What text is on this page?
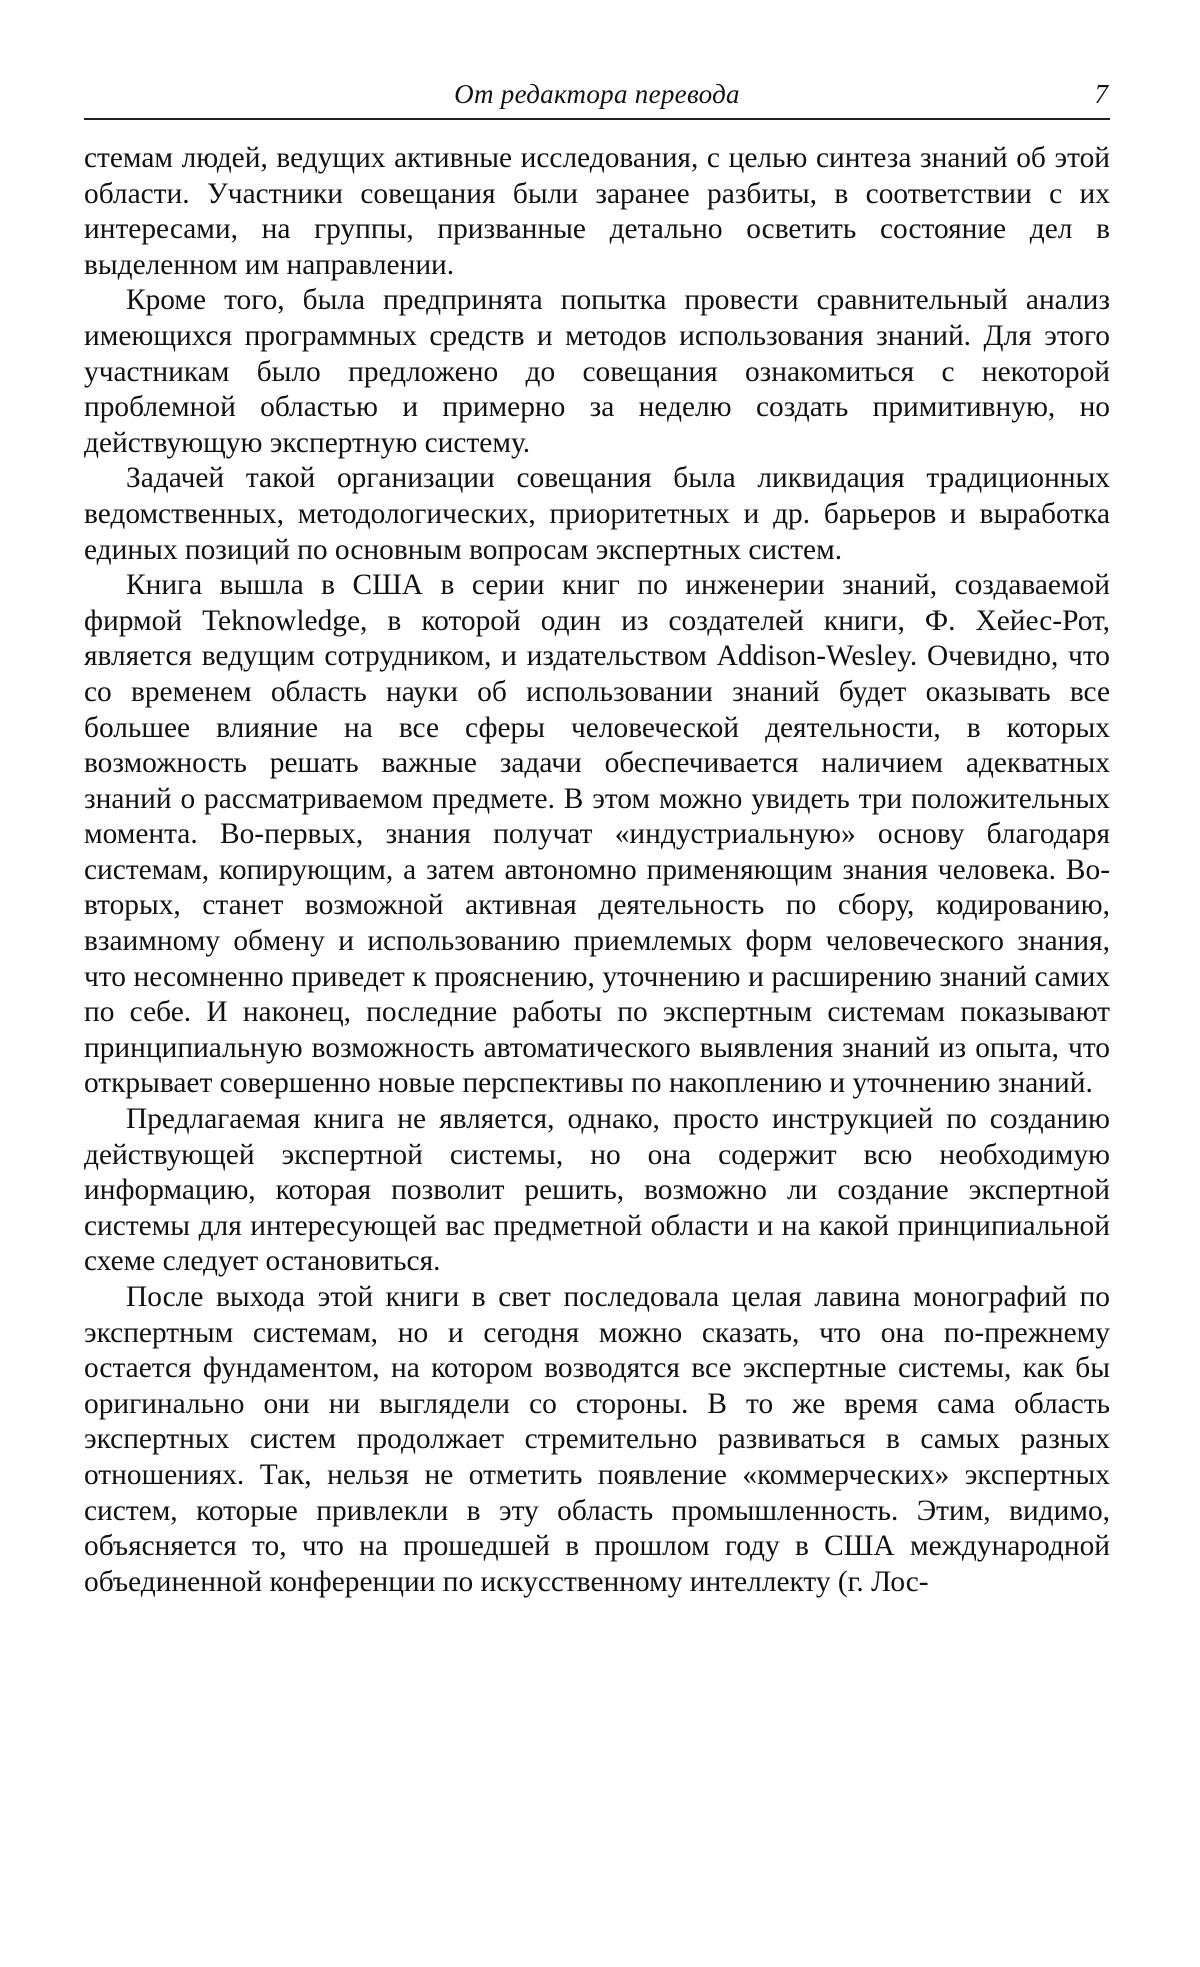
От редактора перевода	7

стемам людей, ведущих активные исследования, с целью синтеза знаний об этой области. Участники совещания были заранее разбиты, в соответствии с их интересами, на группы, призванные детально осветить состояние дел в выделенном им направлении.

Кроме того, была предпринята попытка провести сравнительный анализ имеющихся программных средств и методов использования знаний. Для этого участникам было предложено до совещания ознакомиться с некоторой проблемной областью и примерно за неделю создать примитивную, но действующую экспертную систему.

Задачей такой организации совещания была ликвидация традиционных ведомственных, методологических, приоритетных и др. барьеров и выработка единых позиций по основным вопросам экспертных систем.

Книга вышла в США в серии книг по инженерии знаний, создаваемой фирмой Teknowledge, в которой один из создателей книги, Ф. Хейес-Рот, является ведущим сотрудником, и издательством Addison-Wesley. Очевидно, что со временем область науки об использовании знаний будет оказывать все большее влияние на все сферы человеческой деятельности, в которых возможность решать важные задачи обеспечивается наличием адекватных знаний о рассматриваемом предмете. В этом можно увидеть три положительных момента. Во-первых, знания получат «индустриальную» основу благодаря системам, копирующим, а затем автономно применяющим знания человека. Во-вторых, станет возможной активная деятельность по сбору, кодированию, взаимному обмену и использованию приемлемых форм человеческого знания, что несомненно приведет к прояснению, уточнению и расширению знаний самих по себе. И наконец, последние работы по экспертным системам показывают принципиальную возможность автоматического выявления знаний из опыта, что открывает совершенно новые перспективы по накоплению и уточнению знаний.

Предлагаемая книга не является, однако, просто инструкцией по созданию действующей экспертной системы, но она содержит всю необходимую информацию, которая позволит решить, возможно ли создание экспертной системы для интересующей вас предметной области и на какой принципиальной схеме следует остановиться.

После выхода этой книги в свет последовала целая лавина монографий по экспертным системам, но и сегодня можно сказать, что она по-прежнему остается фундаментом, на котором возводятся все экспертные системы, как бы оригинально они ни выглядели со стороны. В то же время сама область экспертных систем продолжает стремительно развиваться в самых разных отношениях. Так, нельзя не отметить появление «коммерческих» экспертных систем, которые привлекли в эту область промышленность. Этим, видимо, объясняется то, что на прошедшей в прошлом году в США международной объединенной конференции по искусственному интеллекту (г. Лос-
